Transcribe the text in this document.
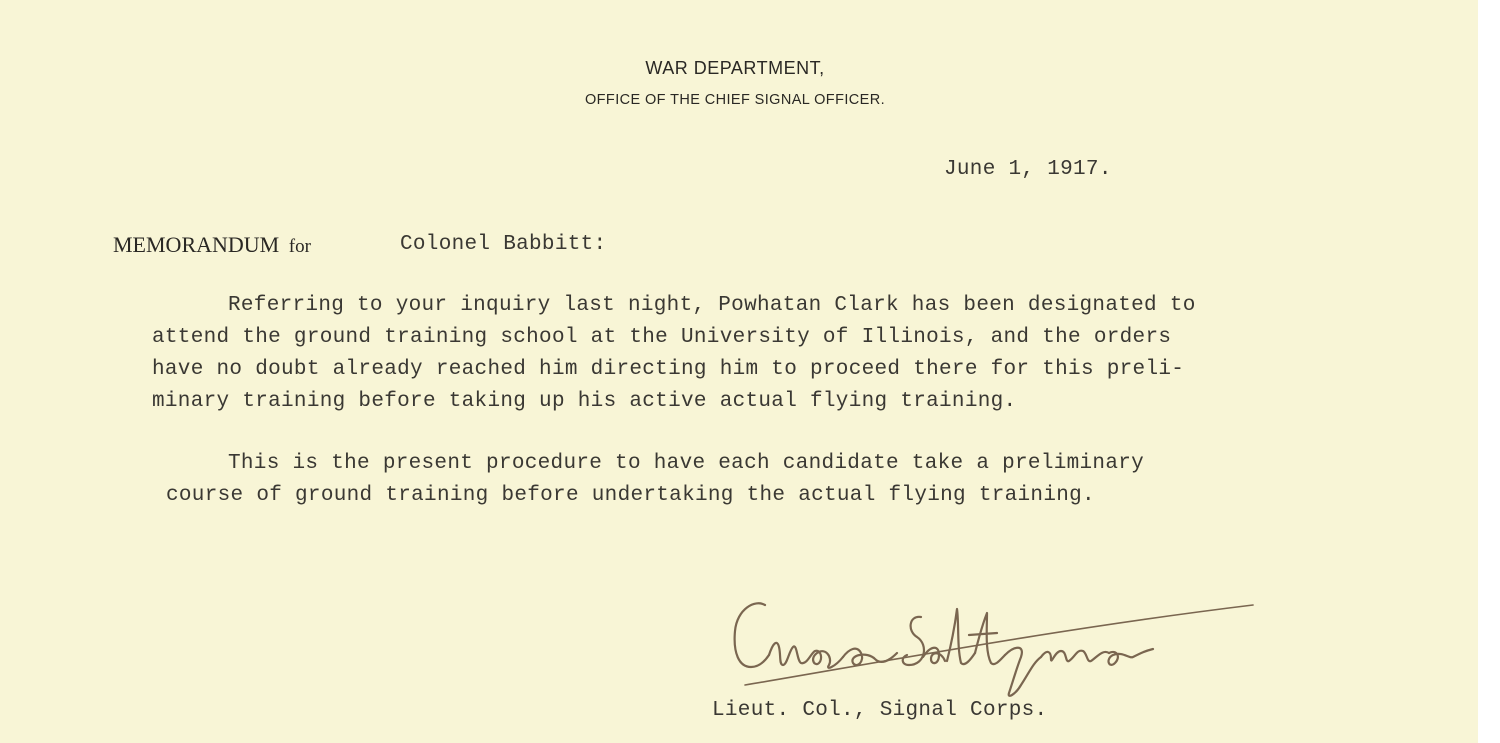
WAR DEPARTMENT,
OFFICE OF THE CHIEF SIGNAL OFFICER.
June 1, 1917.
MEMORANDUM for	Colonel Babbitt:
Referring to your inquiry last night, Powhatan Clark has been designated to
attend the ground training school at the University of Illinois, and the orders
have no doubt already reached him directing him to proceed there for this preli-
minary training before taking up his active actual flying training.
This is the present procedure to have each candidate take a preliminary
course of ground training before undertaking the actual flying training.
Lieut. Col., Signal Corps.
